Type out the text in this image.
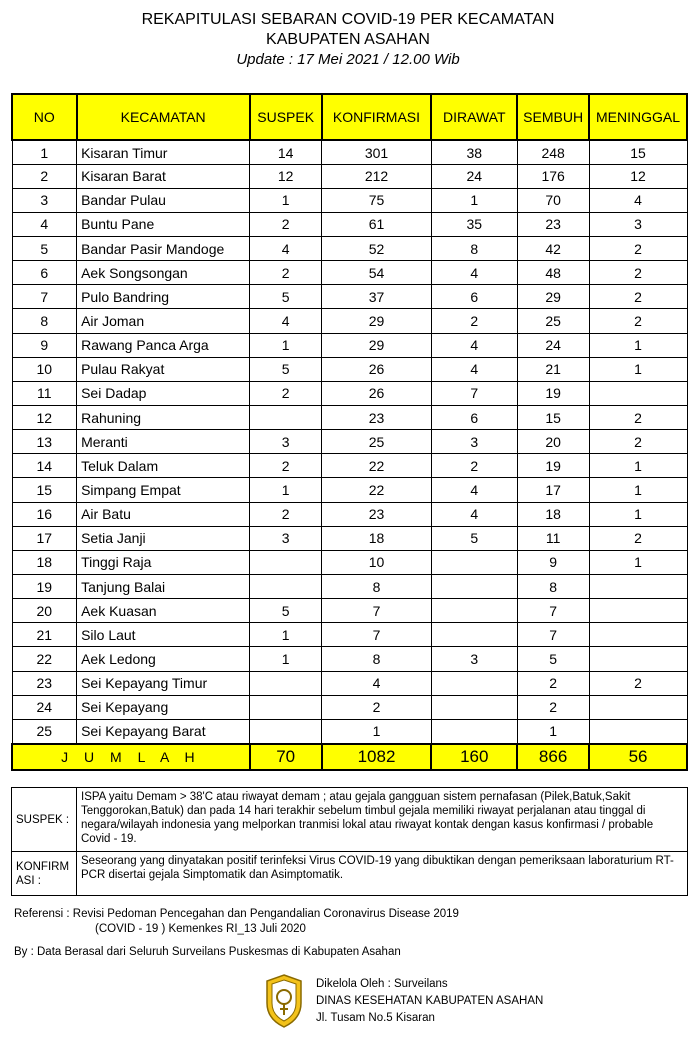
REKAPITULASI SEBARAN COVID-19 PER KECAMATAN
KABUPATEN ASAHAN
Update : 17 Mei 2021 / 12.00 Wib
NO	KECAMATAN	SUSPEK	KONFIRMASI	DIRAWAT	SEMBUH	MENINGGAL
1	Kisaran Timur	14	301	38	248	15
2	Kisaran Barat	12	212	24	176	12
3	Bandar Pulau	1	75	1	70	4
4	Buntu Pane	2	61	35	23	3
5	Bandar Pasir Mandoge	4	52	8	42	2
6	Aek Songsongan	2	54	4	48	2
7	Pulo Bandring	5	37	6	29	2
8	Air Joman	4	29	2	25	2
9	Rawang Panca Arga	1	29	4	24	1
10	Pulau Rakyat	5	26	4	21	1
11	Sei Dadap	2	26	7	19	
12	Rahuning		23	6	15	2
13	Meranti	3	25	3	20	2
14	Teluk Dalam	2	22	2	19	1
15	Simpang Empat	1	22	4	17	1
16	Air Batu	2	23	4	18	1
17	Setia Janji	3	18	5	11	2
18	Tinggi Raja		10		9	1
19	Tanjung Balai		8		8	
20	Aek Kuasan	5	7		7	
21	Silo Laut	1	7		7	
22	Aek Ledong	1	8	3	5	
23	Sei Kepayang Timur		4		2	2
24	Sei Kepayang		2		2	
25	Sei Kepayang Barat		1		1	
J U M L A H		70	1082	160	866	56
SUSPEK :	ISPA yaitu Demam > 38'C atau riwayat demam ; atau gejala gangguan sistem pernafasan (Pilek,Batuk,Sakit Tenggorokan,Batuk) dan pada 14 hari terakhir sebelum timbul gejala memiliki riwayat perjalanan atau tinggal di negara/wilayah indonesia yang melporkan tranmisi lokal atau riwayat kontak dengan kasus konfirmasi / probable Covid - 19.
KONFIRM ASI :	Seseorang yang dinyatakan positif terinfeksi Virus COVID-19 yang dibuktikan dengan pemeriksaan laboraturium RT-PCR disertai gejala Simptomatik dan Asimptomatik.
Referensi : Revisi Pedoman Pencegahan dan Pengandalian Coronavirus Disease 2019
(COVID - 19 ) Kemenkes RI_13 Juli 2020
By : Data Berasal dari Seluruh Surveilans Puskesmas di Kabupaten Asahan
Dikelola Oleh : Surveilans
DINAS KESEHATAN KABUPATEN ASAHAN
Jl. Tusam No.5 Kisaran
